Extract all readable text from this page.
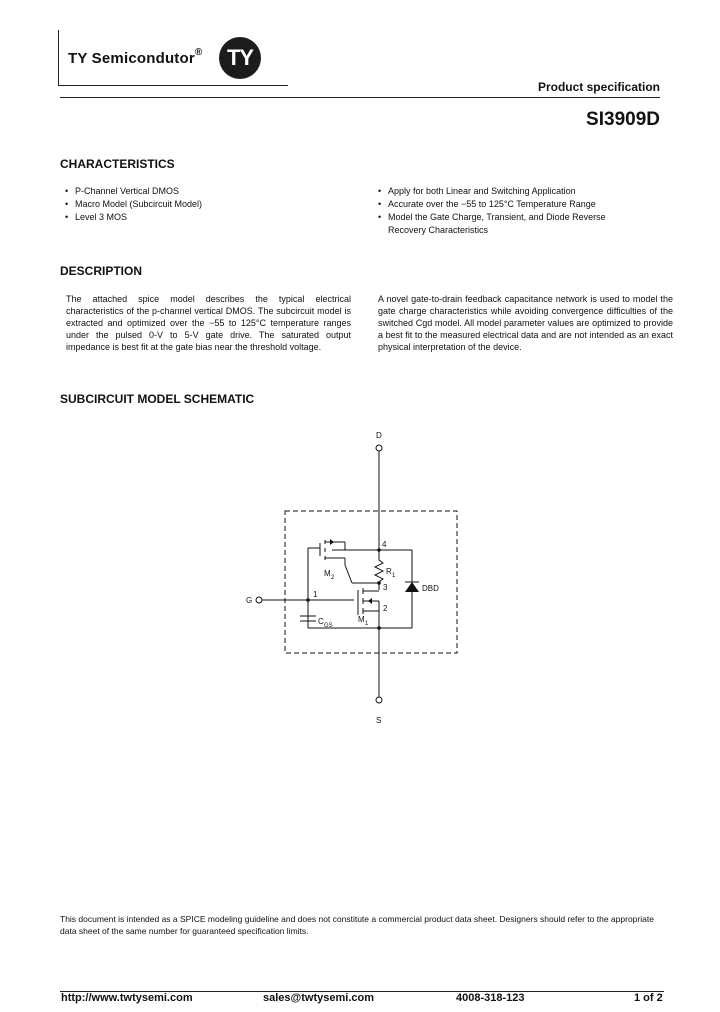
TY Semicondutor®	TY
Product specification
SI3909D
CHARACTERISTICS
• P-Channel Vertical DMOS
• Macro Model (Subcircuit Model)
• Level 3 MOS
• Apply for both Linear and Switching Application
• Accurate over the −55 to 125°C Temperature Range
• Model the Gate Charge, Transient, and Diode Reverse Recovery Characteristics
DESCRIPTION
The attached spice model describes the typical electrical characteristics of the p-channel vertical DMOS. The subcircuit model is extracted and optimized over the −55 to 125°C temperature ranges under the pulsed 0-V to 5-V gate drive. The saturated output impedance is best fit at the gate bias near the threshold voltage.
A novel gate-to-drain feedback capacitance network is used to model the gate charge characteristics while avoiding convergence difficulties of the switched Cgd model. All model parameter values are optimized to provide a best fit to the measured electrical data and are not intended as an exact physical interpretation of the device.
SUBCIRCUIT MODEL SCHEMATIC
D
S
G
1
2
3
4
R 1
M 1
M 2
C GS
DBD
This document is intended as a SPICE modeling guideline and does not constitute a commercial product data sheet. Designers should refer to the appropriate data sheet of the same number for guaranteed specification limits.
http://www.twtysemi.com	sales@twtysemi.com	4008-318-123	1 of 2
